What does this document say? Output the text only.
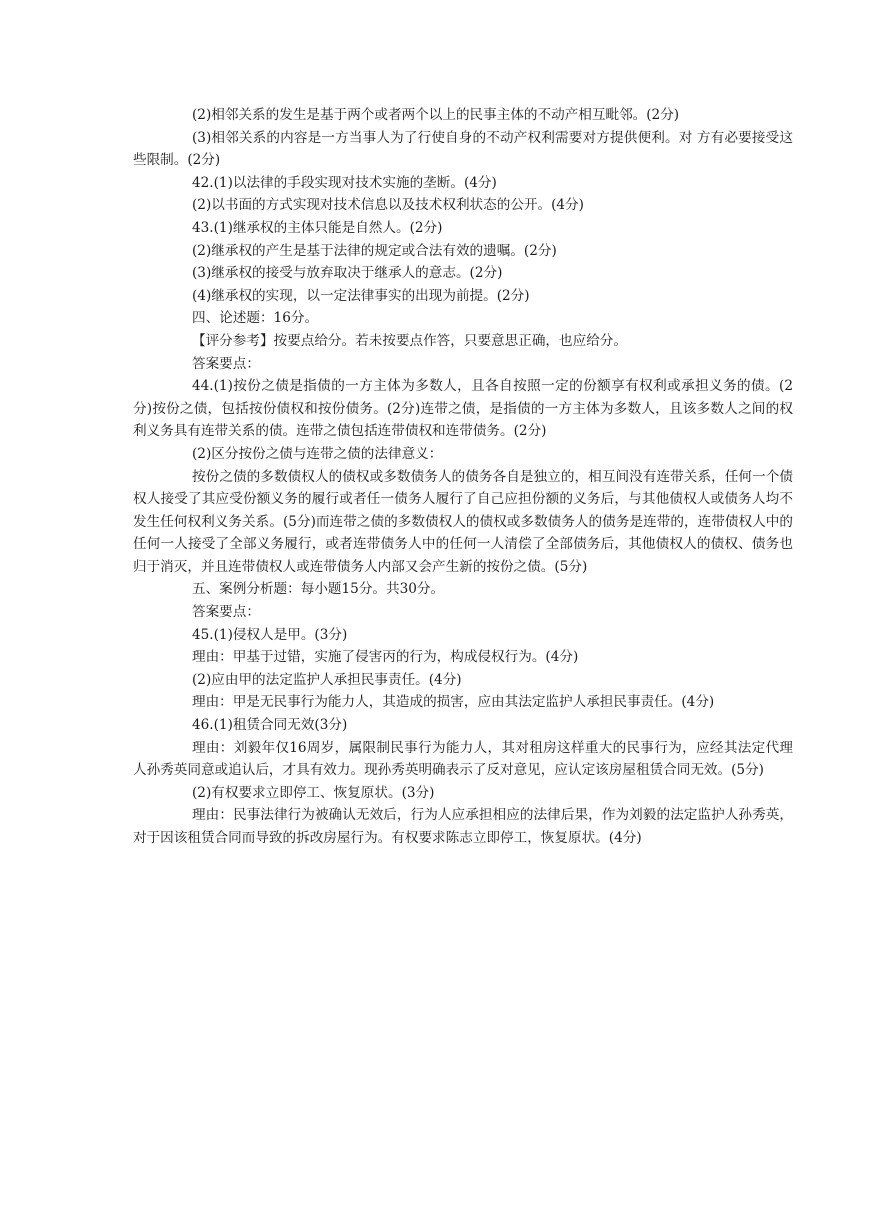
(2)相邻关系的发生是基于两个或者两个以上的民事主体的不动产相互毗邻。(2分)

(3)相邻关系的内容是一方当事人为了行使自身的不动产权利需要对方提供便利。对 方有必要接受这些限制。(2分)

42.(1)以法律的手段实现对技术实施的垄断。(4分)

(2)以书面的方式实现对技术信息以及技术权利状态的公开。(4分)

43.(1)继承权的主体只能是自然人。(2分)

(2)继承权的产生是基于法律的规定或合法有效的遗嘱。(2分)

(3)继承权的接受与放弃取决于继承人的意志。(2分)

(4)继承权的实现，以一定法律事实的出现为前提。(2分)

四、论述题：16分。

【评分参考】按要点给分。若未按要点作答，只要意思正确，也应给分。

答案要点：

44.(1)按份之债是指债的一方主体为多数人，且各自按照一定的份额享有权利或承担义务的债。(2分)按份之债，包括按份债权和按份债务。(2分)连带之债，是指债的一方主体为多数人，且该多数人之间的权利义务具有连带关系的债。连带之债包括连带债权和连带债务。(2分)

(2)区分按份之债与连带之债的法律意义：

按份之债的多数债权人的债权或多数债务人的债务各自是独立的，相互间没有连带关系，任何一个债权人接受了其应受份额义务的履行或者任一债务人履行了自己应担份额的义务后，与其他债权人或债务人均不发生任何权利义务关系。(5分)而连带之债的多数债权人的债权或多数债务人的债务是连带的，连带债权人中的任何一人接受了全部义务履行，或者连带债务人中的任何一人清偿了全部债务后，其他债权人的债权、债务也归于消灭，并且连带债权人或连带债务人内部又会产生新的按份之债。(5分)

五、案例分析题：每小题15分。共30分。

答案要点：

45.(1)侵权人是甲。(3分)

理由：甲基于过错，实施了侵害丙的行为，构成侵权行为。(4分)

(2)应由甲的法定监护人承担民事责任。(4分)

理由：甲是无民事行为能力人，其造成的损害，应由其法定监护人承担民事责任。(4分)

46.(1)租赁合同无效(3分)

理由：刘毅年仅16周岁，属限制民事行为能力人，其对租房这样重大的民事行为，应经其法定代理人孙秀英同意或追认后，才具有效力。现孙秀英明确表示了反对意见，应认定该房屋租赁合同无效。(5分)

(2)有权要求立即停工、恢复原状。(3分)

理由：民事法律行为被确认无效后，行为人应承担相应的法律后果，作为刘毅的法定监护人孙秀英，对于因该租赁合同而导致的拆改房屋行为。有权要求陈志立即停工，恢复原状。(4分)
